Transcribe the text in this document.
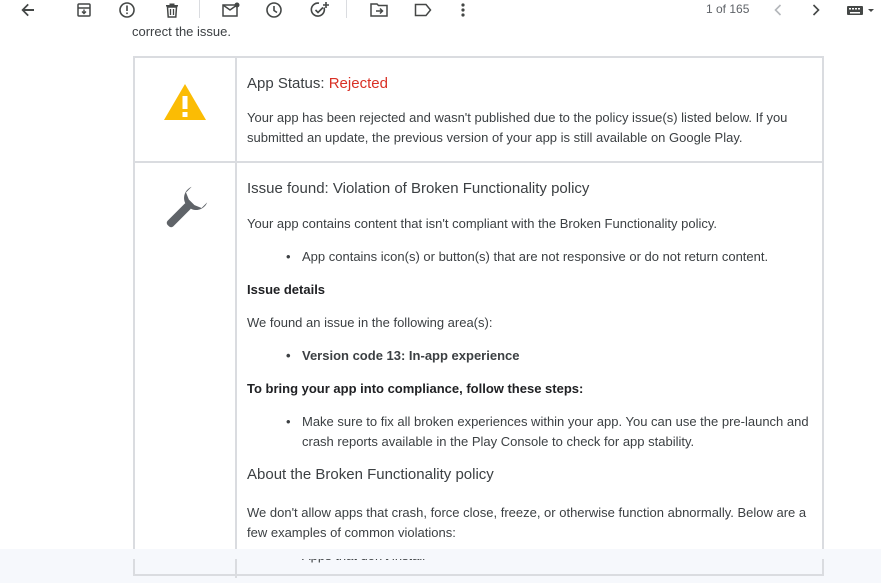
1 of 165
correct the issue.
App Status: Rejected
Your app has been rejected and wasn't published due to the policy issue(s) listed below. If you submitted an update, the previous version of your app is still available on Google Play.
Issue found: Violation of Broken Functionality policy
Your app contains content that isn't compliant with the Broken Functionality policy.
• App contains icon(s) or button(s) that are not responsive or do not return content.
Issue details
We found an issue in the following area(s):
• Version code 13: In-app experience
To bring your app into compliance, follow these steps:
• Make sure to fix all broken experiences within your app. You can use the pre-launch and crash reports available in the Play Console to check for app stability.
About the Broken Functionality policy
We don't allow apps that crash, force close, freeze, or otherwise function abnormally. Below are a few examples of common violations:
•
